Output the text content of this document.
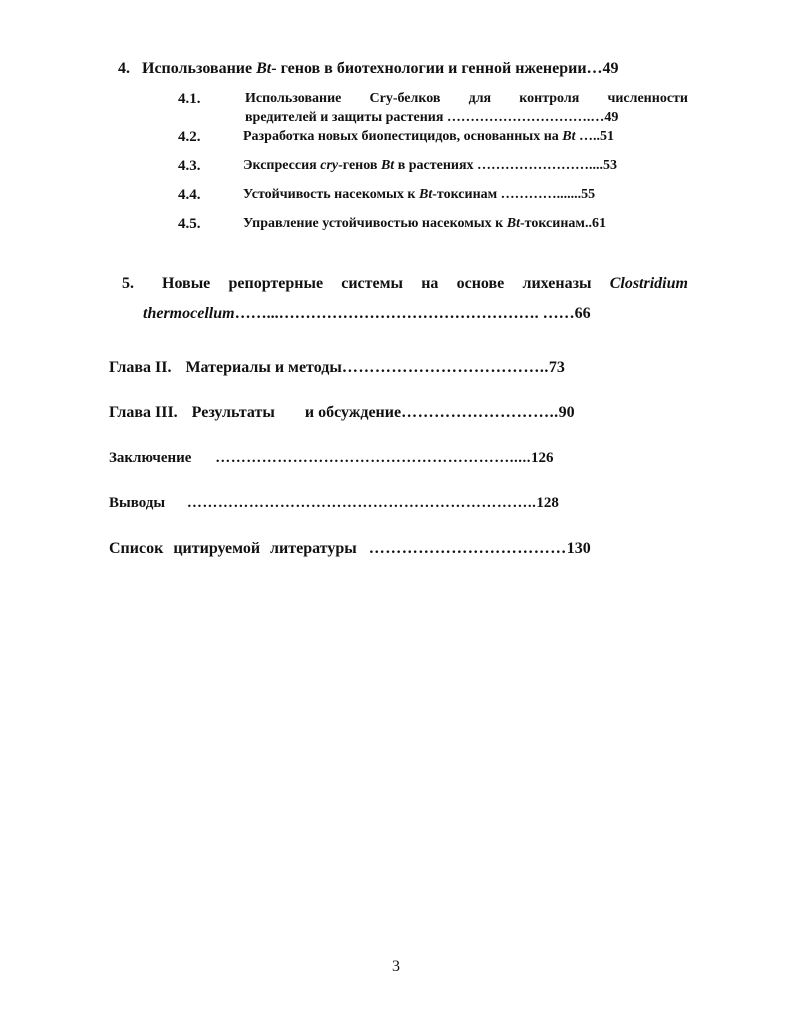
4. Использование Bt- генов в биотехнологии и генной нженерии…49
4.1.	Использование Cry-белков для контроля численности
вредителей и защиты растения ………………………….…49
4.2.	Разработка новых биопестицидов, основанных на Bt …..51
4.3.	Экспрессия cry-генов Bt в растениях ……………………....53
4.4.	Устойчивость насекомых к Bt-токсинам ………….......55
4.5.	Управление устойчивостью насекомых к Bt-токсинам..61
5. Новые репортерные системы на основе лихеназы Clostridium
thermocellum……...…………………………………………. ……66
Глава II. Материалы и методы………………………………..73
Глава III. Результаты и обсуждение………………………..90
Заключение ………………………………………………….....126
Выводы …………………………………………………………..128
Список цитируемой литературы ………………………………130
3
